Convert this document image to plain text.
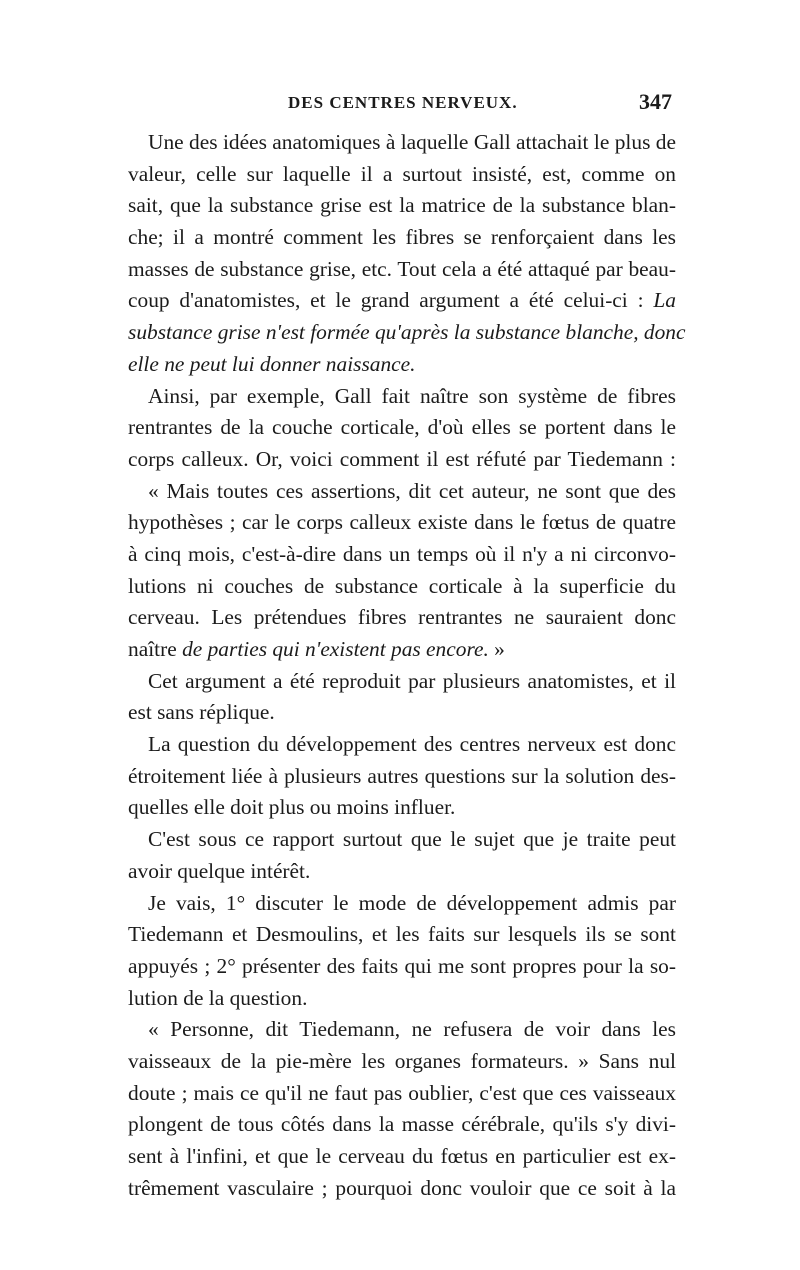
DES CENTRES NERVEUX.	347
Une des idées anatomiques à laquelle Gall attachait le plus de
valeur, celle sur laquelle il a surtout insisté, est, comme on
sait, que la substance grise est la matrice de la substance blan-
che; il a montré comment les fibres se renforçaient dans les
masses de substance grise, etc. Tout cela a été attaqué par beau-
coup d'anatomistes, et le grand argument a été celui-ci : La
substance grise n'est formée qu'après la substance blanche, donc
elle ne peut lui donner naissance.
Ainsi, par exemple, Gall fait naître son système de fibres
rentrantes de la couche corticale, d'où elles se portent dans le
corps calleux. Or, voici comment il est réfuté par Tiedemann :
« Mais toutes ces assertions, dit cet auteur, ne sont que des
hypothèses ; car le corps calleux existe dans le fœtus de quatre
à cinq mois, c'est-à-dire dans un temps où il n'y a ni circonvo-
lutions ni couches de substance corticale à la superficie du
cerveau. Les prétendues fibres rentrantes ne sauraient donc
naître de parties qui n'existent pas encore. »
Cet argument a été reproduit par plusieurs anatomistes, et il
est sans réplique.
La question du développement des centres nerveux est donc
étroitement liée à plusieurs autres questions sur la solution des-
quelles elle doit plus ou moins influer.
C'est sous ce rapport surtout que le sujet que je traite peut
avoir quelque intérêt.
Je vais, 1° discuter le mode de développement admis par
Tiedemann et Desmoulins, et les faits sur lesquels ils se sont
appuyés ; 2° présenter des faits qui me sont propres pour la so-
lution de la question.
« Personne, dit Tiedemann, ne refusera de voir dans les
vaisseaux de la pie-mère les organes formateurs. » Sans nul
doute ; mais ce qu'il ne faut pas oublier, c'est que ces vaisseaux
plongent de tous côtés dans la masse cérébrale, qu'ils s'y divi-
sent à l'infini, et que le cerveau du fœtus en particulier est ex-
trêmement vasculaire ; pourquoi donc vouloir que ce soit à la
